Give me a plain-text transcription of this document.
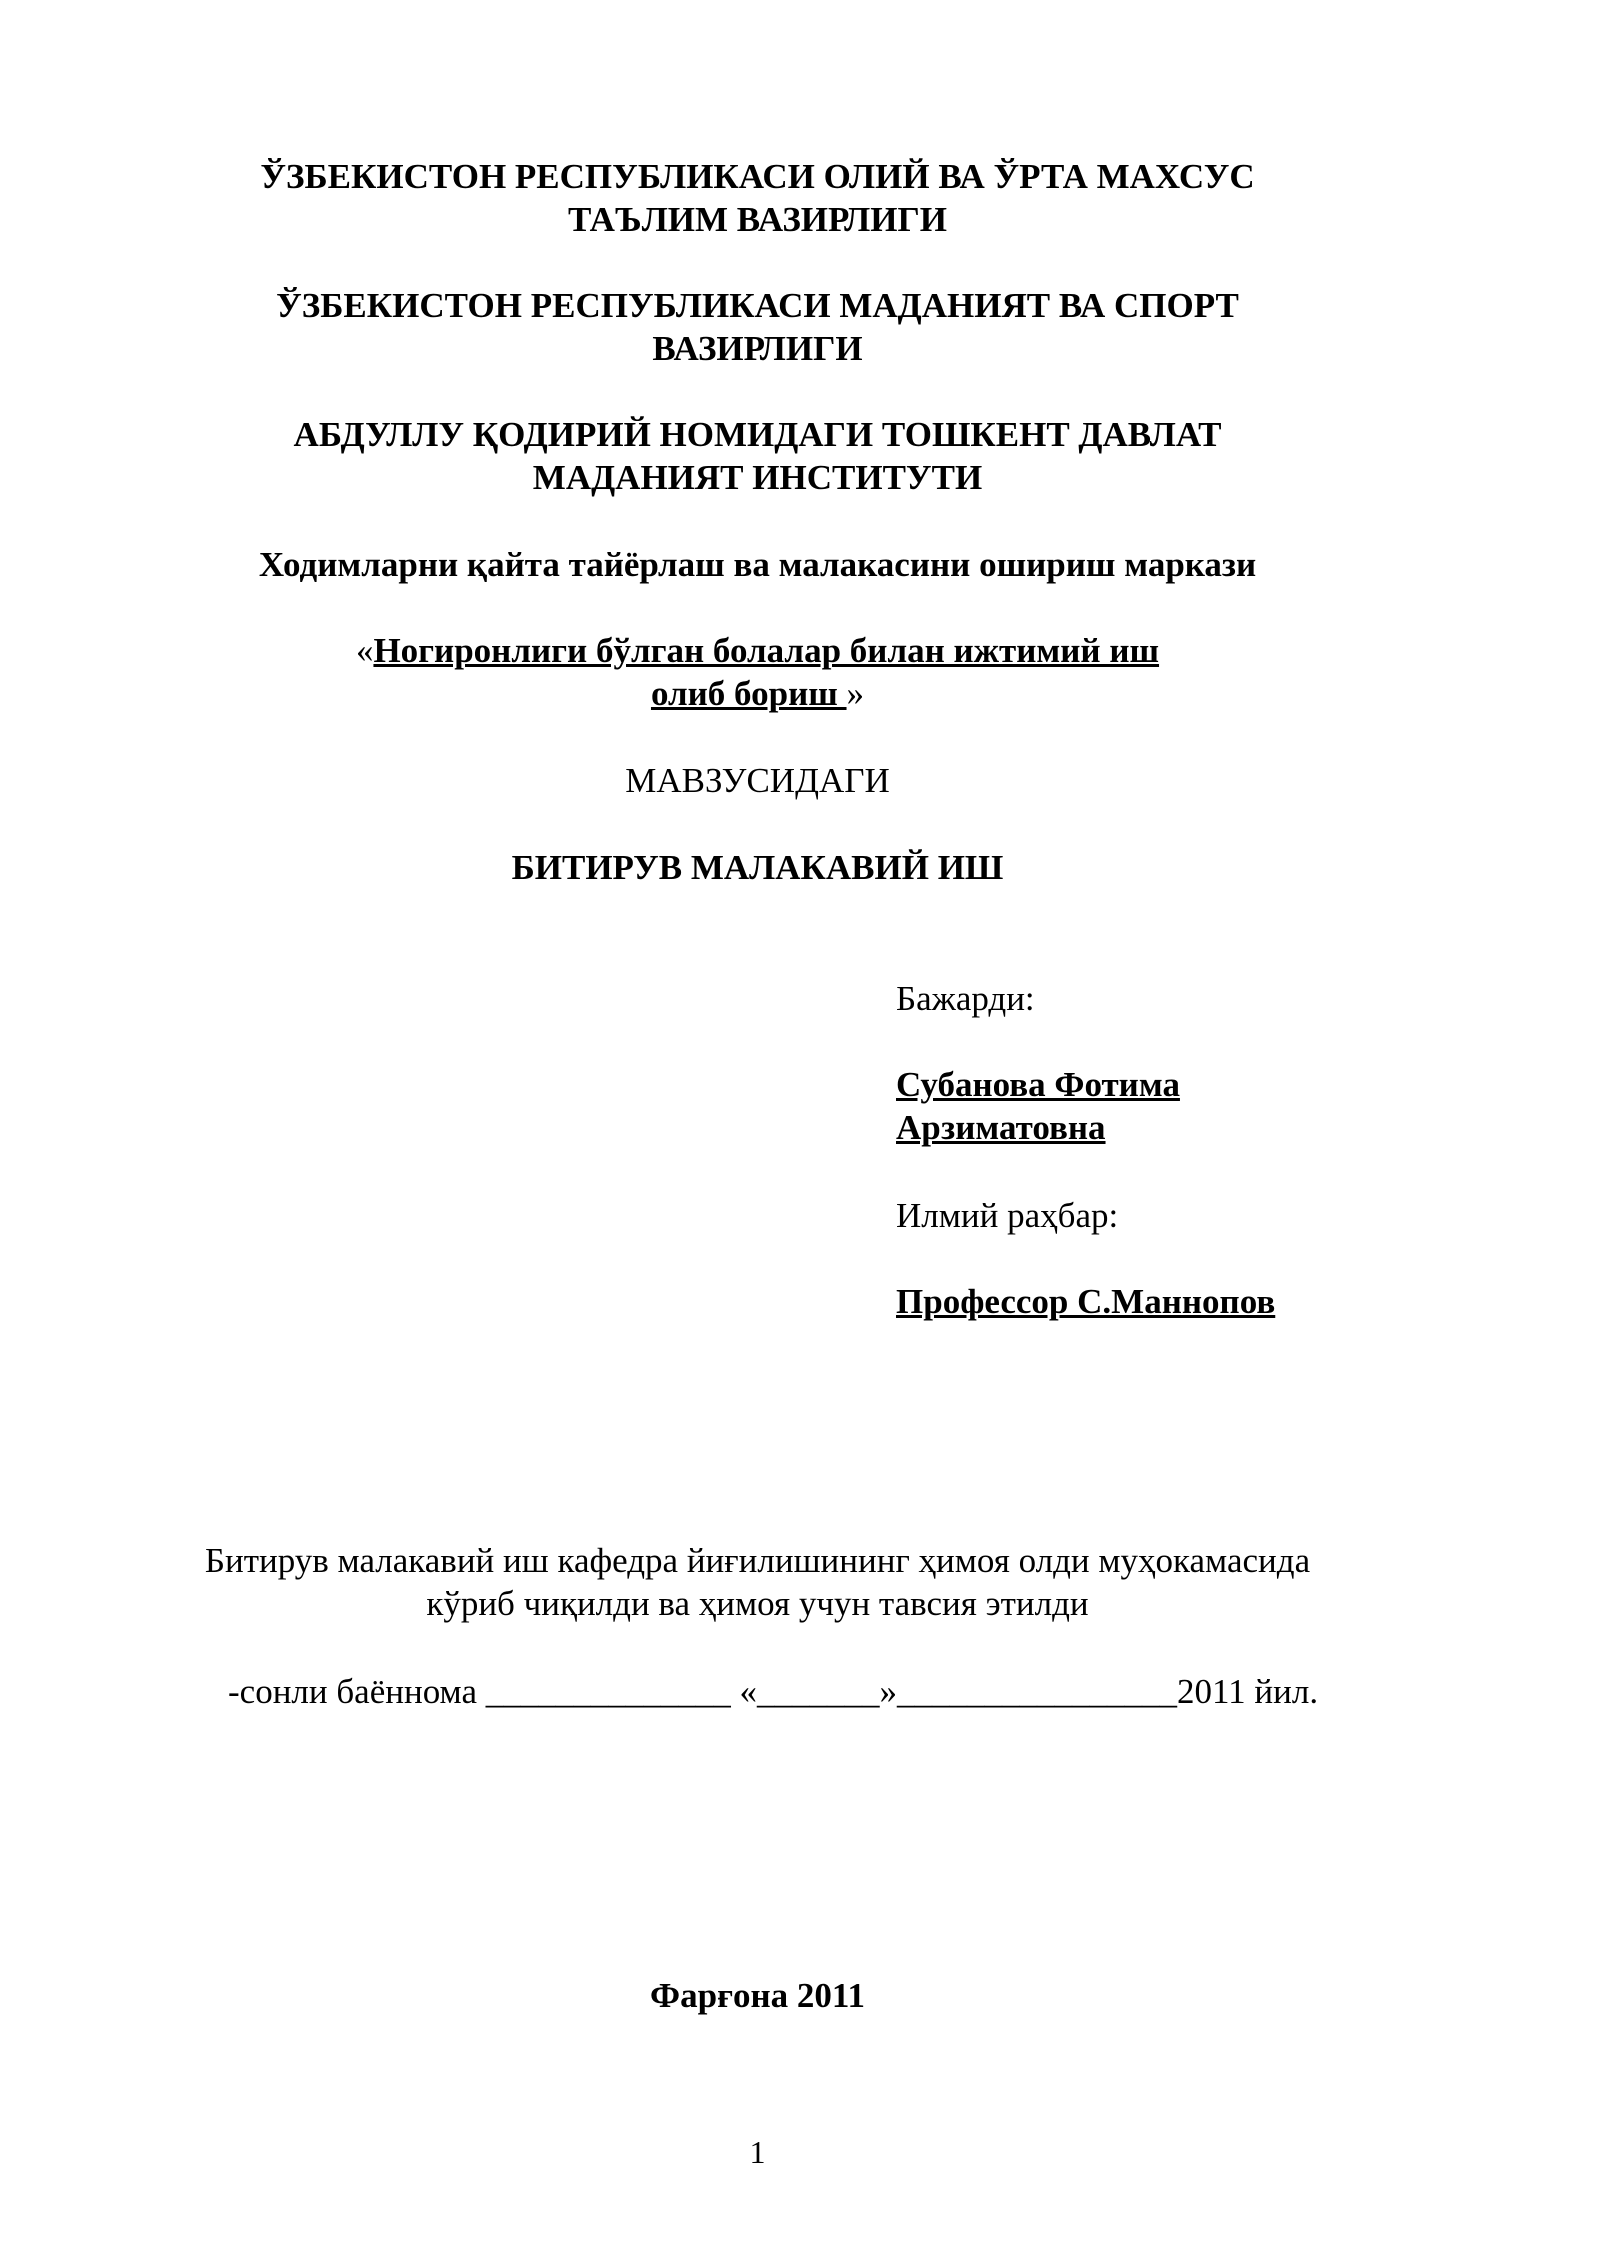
ЎЗБЕКИСТОН РЕСПУБЛИКАСИ ОЛИЙ ВА ЎРТА МАХСУС
ТАЪЛИМ ВАЗИРЛИГИ
ЎЗБЕКИСТОН РЕСПУБЛИКАСИ МАДАНИЯТ ВА СПОРТ
ВАЗИРЛИГИ
АБДУЛЛУ ҚОДИРИЙ НОМИДАГИ ТОШКЕНТ ДАВЛАТ
МАДАНИЯТ ИНСТИТУТИ
Ходимларни қайта тайёрлаш ва малакасини ошириш маркази
«Ногиронлиги бўлган болалар билан ижтимий иш
олиб бориш »
МАВЗУСИДАГИ
БИТИРУВ МАЛАКАВИЙ ИШ
Бажарди:
Субанова Фотима
Арзиматовна
Илмий раҳбар:
Профессор С.Маннопов
Битирув малакавий иш кафедра йиғилишининг ҳимоя олди муҳокамасида
кўриб чиқилди ва ҳимоя учун тавсия этилди
-сонли баённома ______________ «_______»________________2011 йил.
Фарғона 2011
1
